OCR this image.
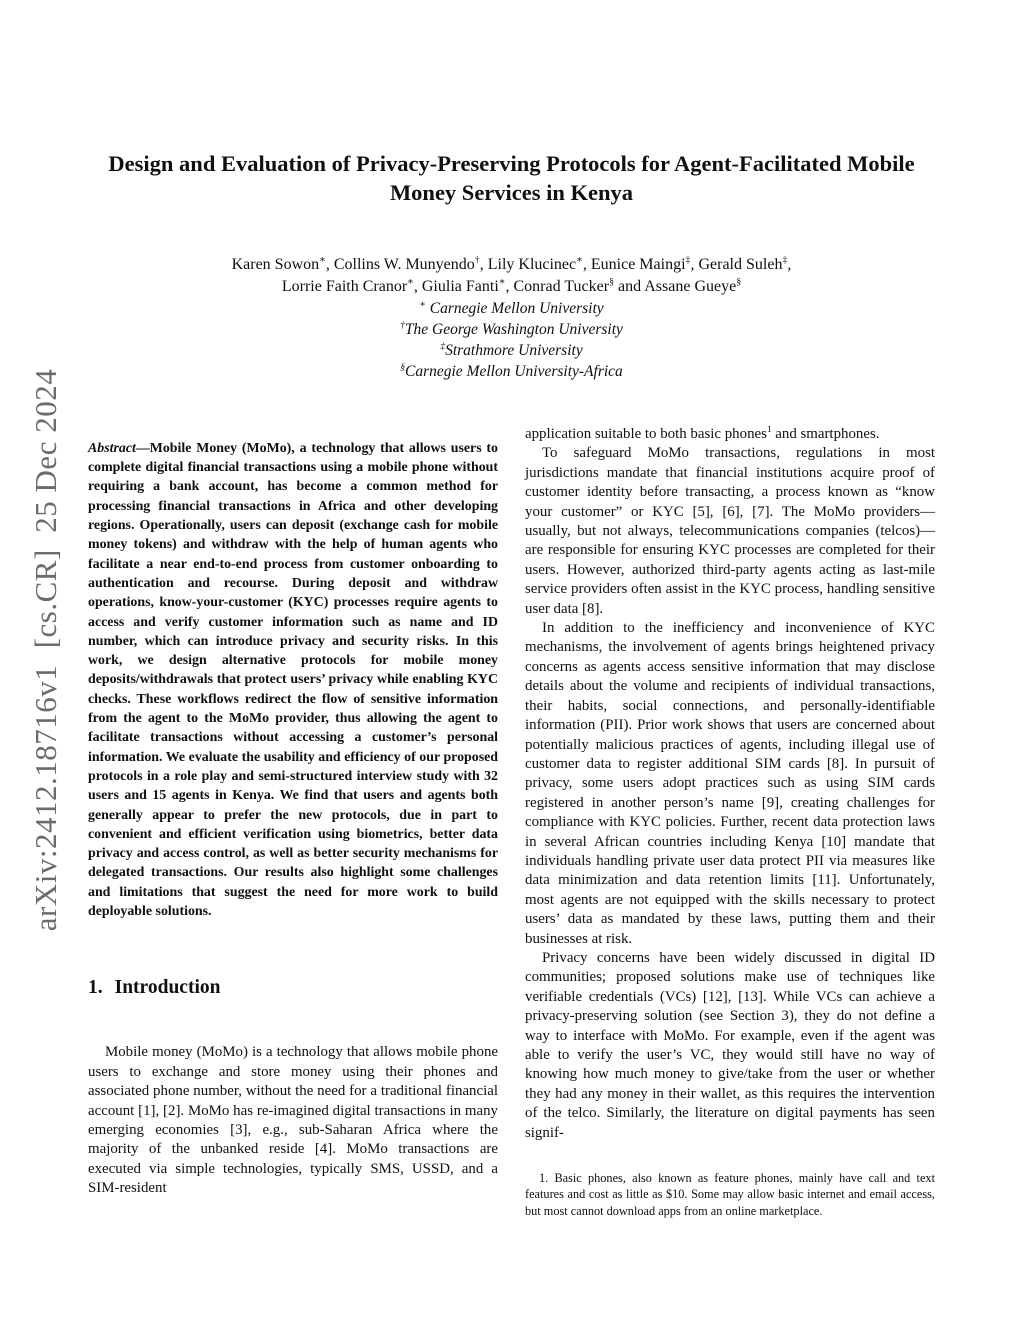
arXiv:2412.18716v1  [cs.CR]  25 Dec 2024
Design and Evaluation of Privacy-Preserving Protocols for Agent-Facilitated Mobile Money Services in Kenya
Karen Sowon∗, Collins W. Munyendo†, Lily Klucinec∗, Eunice Maingi‡, Gerald Suleh‡,
Lorrie Faith Cranor∗, Giulia Fanti∗, Conrad Tucker§ and Assane Gueye§
∗ Carnegie Mellon University
†The George Washington University
‡Strathmore University
§Carnegie Mellon University-Africa

Abstract—Mobile Money (MoMo), a technology that allows users to complete digital financial transactions using a mobile phone without requiring a bank account, has become a common method for processing financial transactions in Africa and other developing regions. Operationally, users can deposit (exchange cash for mobile money tokens) and withdraw with the help of human agents who facilitate a near end-to-end process from customer onboarding to authentication and recourse. During deposit and withdraw operations, know-your-customer (KYC) processes require agents to access and verify customer information such as name and ID number, which can introduce privacy and security risks. In this work, we design alternative protocols for mobile money deposits/withdrawals that protect users’ privacy while enabling KYC checks. These workflows redirect the flow of sensitive information from the agent to the MoMo provider, thus allowing the agent to facilitate transactions without accessing a customer’s personal information. We evaluate the usability and efficiency of our proposed protocols in a role play and semi-structured interview study with 32 users and 15 agents in Kenya. We find that users and agents both generally appear to prefer the new protocols, due in part to convenient and efficient verification using biometrics, better data privacy and access control, as well as better security mechanisms for delegated transactions. Our results also highlight some challenges and limitations that suggest the need for more work to build deployable solutions.

1. Introduction

Mobile money (MoMo) is a technology that allows mobile phone users to exchange and store money using their phones and associated phone number, without the need for a traditional financial account [1], [2]. MoMo has re-imagined digital transactions in many emerging economies [3], e.g., sub-Saharan Africa where the majority of the unbanked reside [4]. MoMo transactions are executed via simple technologies, typically SMS, USSD, and a SIM-resident

application suitable to both basic phones$^1$ and smartphones.

To safeguard MoMo transactions, regulations in most jurisdictions mandate that financial institutions acquire proof of customer identity before transacting, a process known as “know your customer” or KYC [5], [6], [7]. The MoMo providers—usually, but not always, telecommunications companies (telcos)—are responsible for ensuring KYC processes are completed for their users. However, authorized third-party agents acting as last-mile service providers often assist in the KYC process, handling sensitive user data [8].

In addition to the inefficiency and inconvenience of KYC mechanisms, the involvement of agents brings heightened privacy concerns as agents access sensitive information that may disclose details about the volume and recipients of individual transactions, their habits, social connections, and personally-identifiable information (PII). Prior work shows that users are concerned about potentially malicious practices of agents, including illegal use of customer data to register additional SIM cards [8]. In pursuit of privacy, some users adopt practices such as using SIM cards registered in another person’s name [9], creating challenges for compliance with KYC policies. Further, recent data protection laws in several African countries including Kenya [10] mandate that individuals handling private user data protect PII via measures like data minimization and data retention limits [11]. Unfortunately, most agents are not equipped with the skills necessary to protect users’ data as mandated by these laws, putting them and their businesses at risk.

Privacy concerns have been widely discussed in digital ID communities; proposed solutions make use of techniques like verifiable credentials (VCs) [12], [13]. While VCs can achieve a privacy-preserving solution (see Section 3), they do not define a way to interface with MoMo. For example, even if the agent was able to verify the user’s VC, they would still have no way of knowing how much money to give/take from the user or whether they had any money in their wallet, as this requires the intervention of the telco. Similarly, the literature on digital payments has seen signif-

1. Basic phones, also known as feature phones, mainly have call and text features and cost as little as $10. Some may allow basic internet and email access, but most cannot download apps from an online marketplace.
